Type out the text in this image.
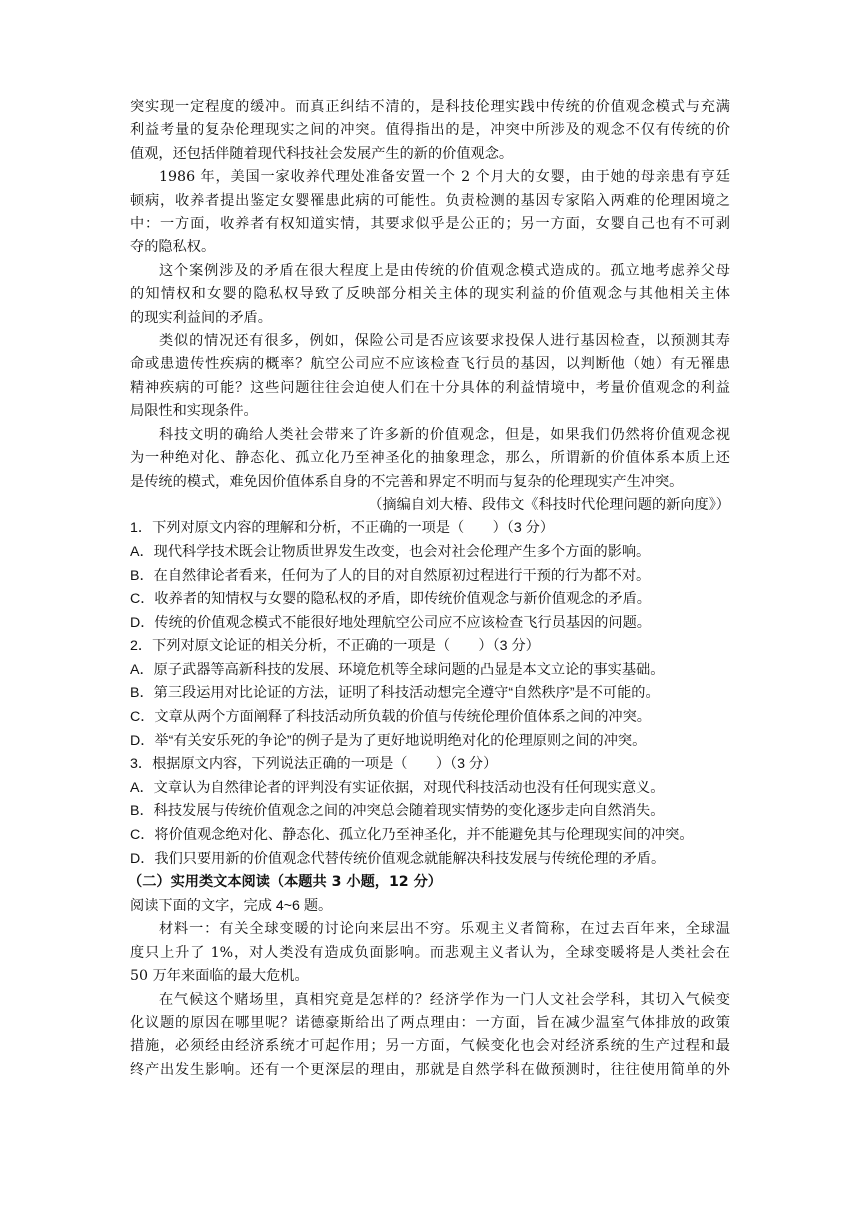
突实现一定程度的缓冲。而真正纠结不清的，是科技伦理实践中传统的价值观念模式与充满

利益考量的复杂伦理现实之间的冲突。值得指出的是，冲突中所涉及的观念不仅有传统的价

值观，还包括伴随着现代科技社会发展产生的新的价值观念。

1986 年，美国一家收养代理处准备安置一个 2 个月大的女婴，由于她的母亲患有亨廷

顿病，收养者提出鉴定女婴罹患此病的可能性。负责检测的基因专家陷入两难的伦理困境之

中：一方面，收养者有权知道实情，其要求似乎是公正的；另一方面，女婴自己也有不可剥

夺的隐私权。

这个案例涉及的矛盾在很大程度上是由传统的价值观念模式造成的。孤立地考虑养父母

的知情权和女婴的隐私权导致了反映部分相关主体的现实利益的价值观念与其他相关主体

的现实利益间的矛盾。

类似的情况还有很多，例如，保险公司是否应该要求投保人进行基因检查，以预测其寿

命或患遗传性疾病的概率？航空公司应不应该检查飞行员的基因，以判断他（她）有无罹患

精神疾病的可能？这些问题往往会迫使人们在十分具体的利益情境中，考量价值观念的利益

局限性和实现条件。

科技文明的确给人类社会带来了许多新的价值观念，但是，如果我们仍然将价值观念视

为一种绝对化、静态化、孤立化乃至神圣化的抽象理念，那么，所谓新的价值体系本质上还

是传统的模式，难免因价值体系自身的不完善和界定不明而与复杂的伦理现实产生冲突。

（摘编自刘大椿、段伟文《科技时代伦理问题的新向度》）

1．下列对原文内容的理解和分析，不正确的一项是（　　）（3 分）

A．现代科学技术既会让物质世界发生改变，也会对社会伦理产生多个方面的影响。

B．在自然律论者看来，任何为了人的目的对自然原初过程进行干预的行为都不对。

C．收养者的知情权与女婴的隐私权的矛盾，即传统价值观念与新价值观念的矛盾。

D．传统的价值观念模式不能很好地处理航空公司应不应该检查飞行员基因的问题。

2．下列对原文论证的相关分析，不正确的一项是（　　）（3 分）

A．原子武器等高新科技的发展、环境危机等全球问题的凸显是本文立论的事实基础。

B．第三段运用对比论证的方法，证明了科技活动想完全遵守“自然秩序”是不可能的。

C．文章从两个方面阐释了科技活动所负载的价值与传统伦理价值体系之间的冲突。

D．举“有关安乐死的争论”的例子是为了更好地说明绝对化的伦理原则之间的冲突。

3．根据原文内容，下列说法正确的一项是（　　）（3 分）

A．文章认为自然律论者的评判没有实证依据，对现代科技活动也没有任何现实意义。

B．科技发展与传统价值观念之间的冲突总会随着现实情势的变化逐步走向自然消失。

C．将价值观念绝对化、静态化、孤立化乃至神圣化，并不能避免其与伦理现实间的冲突。

D．我们只要用新的价值观念代替传统价值观念就能解决科技发展与传统伦理的矛盾。

（二）实用类文本阅读（本题共 3 小题，12 分）

阅读下面的文字，完成 4~6 题。

材料一：有关全球变暖的讨论向来层出不穷。乐观主义者简称，在过去百年来，全球温

度只上升了 1%，对人类没有造成负面影响。而悲观主义者认为，全球变暖将是人类社会在

50 万年来面临的最大危机。

在气候这个赌场里，真相究竟是怎样的？经济学作为一门人文社会学科，其切入气候变

化议题的原因在哪里呢？诺德豪斯给出了两点理由：一方面，旨在减少温室气体排放的政策

措施，必须经由经济系统才可起作用；另一方面，气候变化也会对经济系统的生产过程和最

终产出发生影响。还有一个更深层的理由，那就是自然学科在做预测时，往往使用简单的外
